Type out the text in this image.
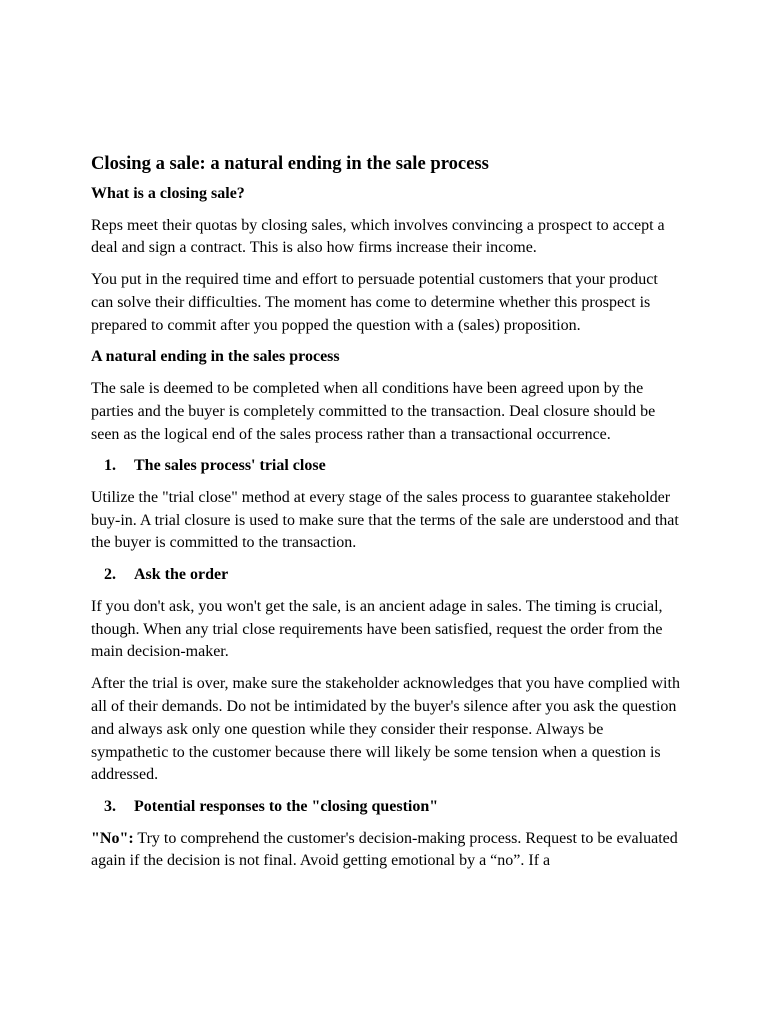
Closing a sale: a natural ending in the sale process
What is a closing sale?

Reps meet their quotas by closing sales, which involves convincing a prospect to accept a deal and sign a contract. This is also how firms increase their income.

You put in the required time and effort to persuade potential customers that your product can solve their difficulties. The moment has come to determine whether this prospect is prepared to commit after you popped the question with a (sales) proposition.

A natural ending in the sales process

The sale is deemed to be completed when all conditions have been agreed upon by the parties and the buyer is completely committed to the transaction. Deal closure should be seen as the logical end of the sales process rather than a transactional occurrence.

1.	The sales process' trial close

Utilize the "trial close" method at every stage of the sales process to guarantee stakeholder buy-in. A trial closure is used to make sure that the terms of the sale are understood and that the buyer is committed to the transaction.

2.	Ask the order

If you don't ask, you won't get the sale, is an ancient adage in sales. The timing is crucial, though. When any trial close requirements have been satisfied, request the order from the main decision-maker.

After the trial is over, make sure the stakeholder acknowledges that you have complied with all of their demands. Do not be intimidated by the buyer's silence after you ask the question and always ask only one question while they consider their response. Always be sympathetic to the customer because there will likely be some tension when a question is addressed.

3.	Potential responses to the "closing question"

"No": Try to comprehend the customer's decision-making process. Request to be evaluated again if the decision is not final. Avoid getting emotional by a “no”. If a
